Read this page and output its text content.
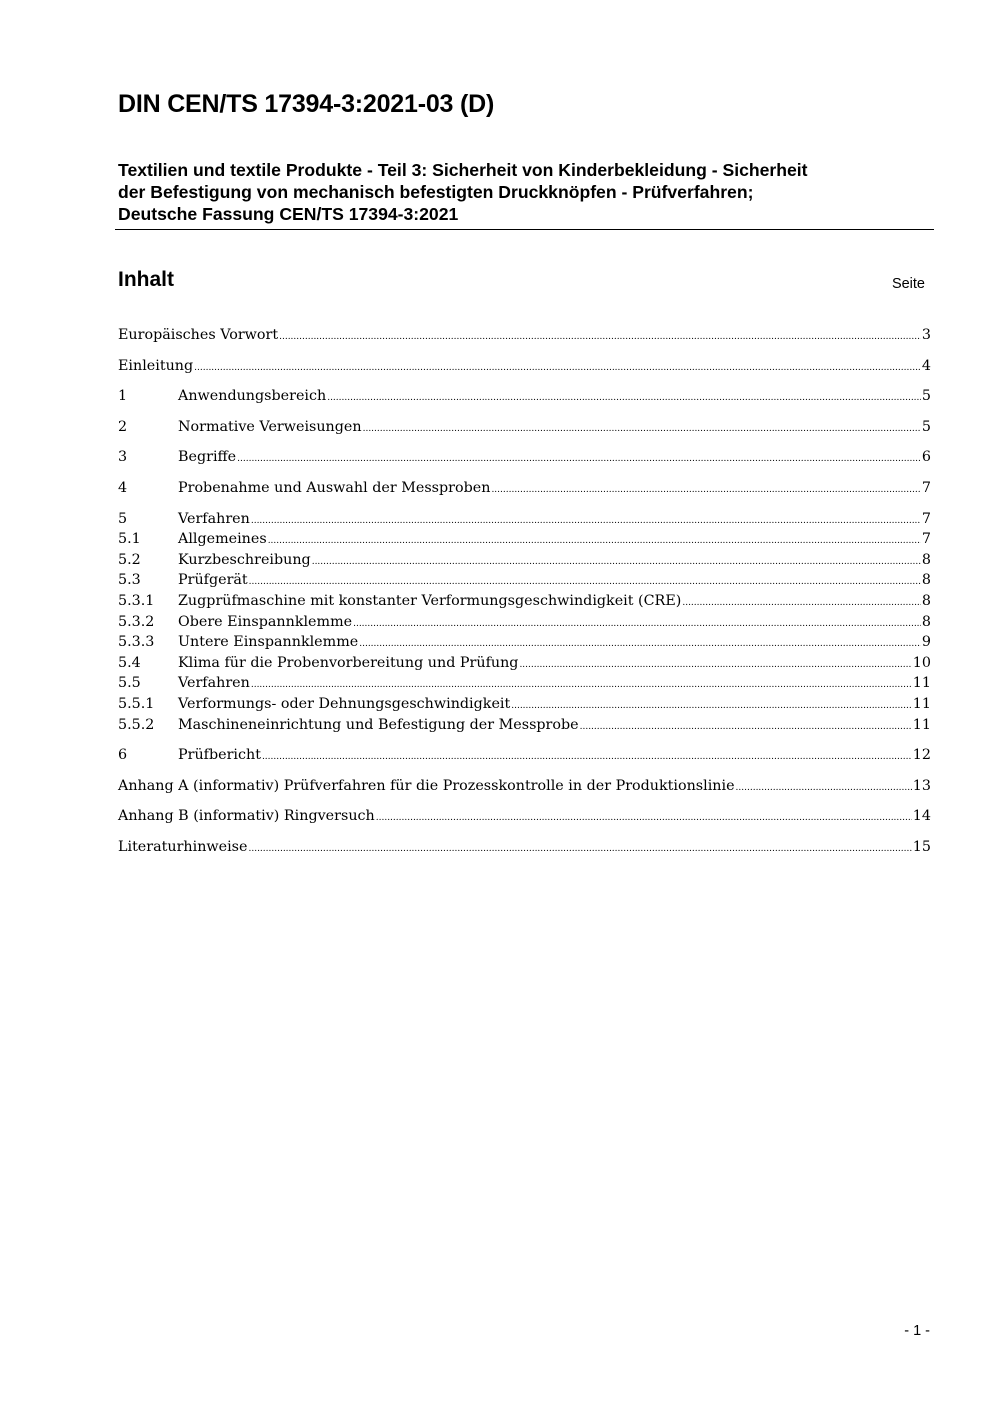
DIN CEN/TS 17394-3:2021-03 (D)
Textilien und textile Produkte - Teil 3: Sicherheit von Kinderbekleidung - Sicherheit
der Befestigung von mechanisch befestigten Druckknöpfen - Prüfverfahren;
Deutsche Fassung CEN/TS 17394-3:2021
Inhalt	Seite
Europäisches Vorwort .....	3
Einleitung .....	4
1	Anwendungsbereich .....	5
2	Normative Verweisungen .....	5
3	Begriffe .....	6
4	Probenahme und Auswahl der Messproben .....	7
5	Verfahren .....	7
5.1	Allgemeines .....	7
5.2	Kurzbeschreibung .....	8
5.3	Prüfgerät .....	8
5.3.1	Zugprüfmaschine mit konstanter Verformungsgeschwindigkeit (CRE) .....	8
5.3.2	Obere Einspannklemme .....	8
5.3.3	Untere Einspannklemme .....	9
5.4	Klima für die Probenvorbereitung und Prüfung .....	10
5.5	Verfahren .....	11
5.5.1	Verformungs- oder Dehnungsgeschwindigkeit .....	11
5.5.2	Maschineneinrichtung und Befestigung der Messprobe .....	11
6	Prüfbericht .....	12
Anhang A (informativ) Prüfverfahren für die Prozesskontrolle in der Produktionslinie .....	13
Anhang B (informativ) Ringversuch .....	14
Literaturhinweise .....	15
- 1 -
